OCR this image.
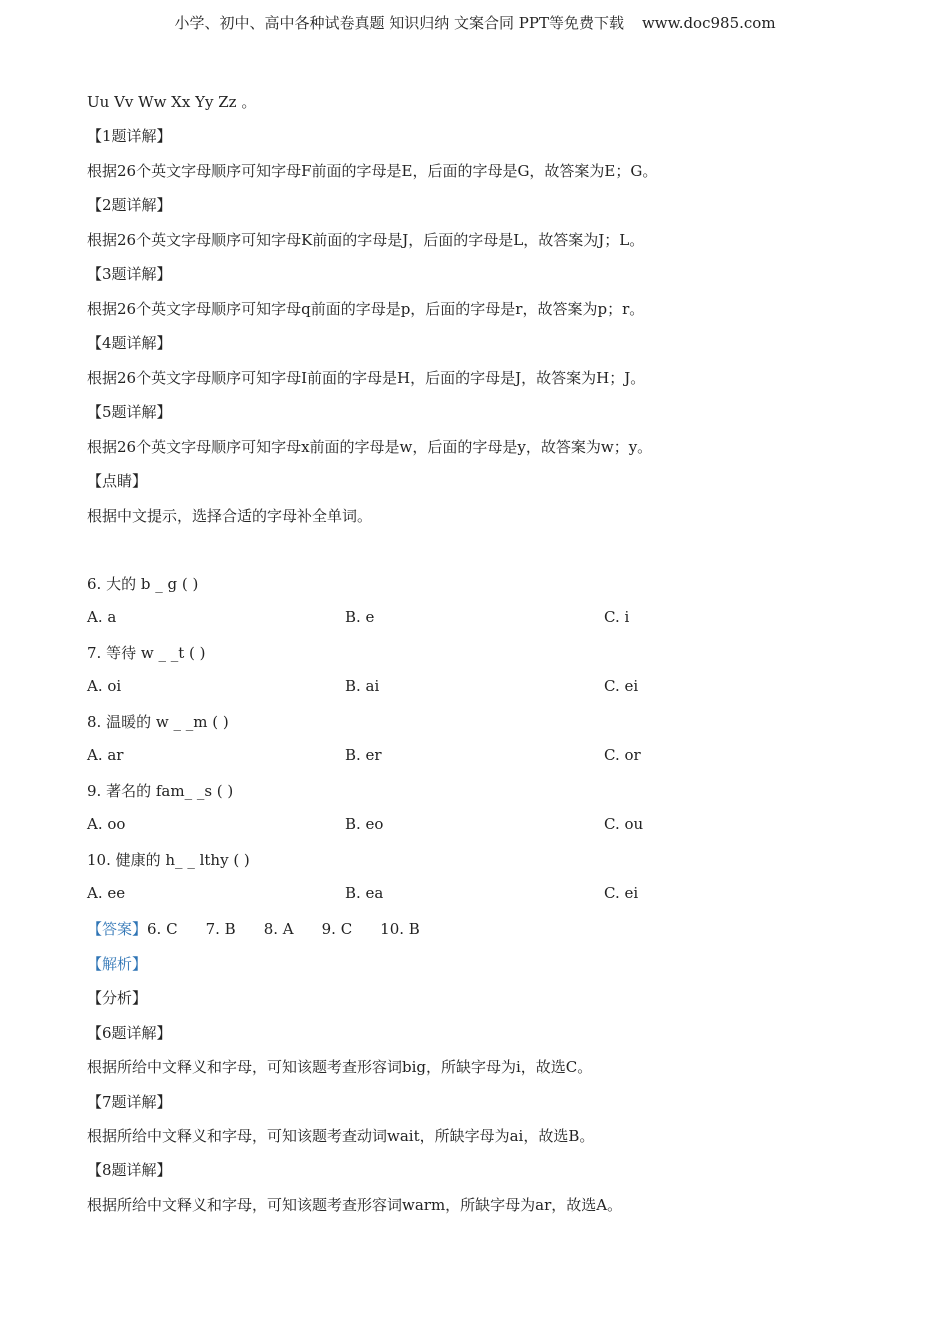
小学、初中、高中各种试卷真题 知识归纳 文案合同 PPT等免费下载 www.doc985.com
Uu Vv Ww Xx Yy Zz 。
【1题详解】
根据26个英文字母顺序可知字母F前面的字母是E，后面的字母是G，故答案为E；G。
【2题详解】
根据26个英文字母顺序可知字母K前面的字母是J，后面的字母是L，故答案为J；L。
【3题详解】
根据26个英文字母顺序可知字母q前面的字母是p，后面的字母是r，故答案为p；r。
【4题详解】
根据26个英文字母顺序可知字母I前面的字母是H，后面的字母是J，故答案为H；J。
【5题详解】
根据26个英文字母顺序可知字母x前面的字母是w，后面的字母是y，故答案为w；y。
【点睛】
根据中文提示，选择合适的字母补全单词。
6. 大的 b _ g ( )
A. a	B. e	C. i
7. 等待 w _ _t ( )
A. oi	B. ai	C. ei
8. 温暖的 w _ _m ( )
A. ar	B. er	C. or
9. 著名的 fam_ _s ( )
A. oo	B. eo	C. ou
10. 健康的 h_ _ lthy ( )
A. ee	B. ea	C. ei
【答案】6. C 7. B 8. A 9. C 10. B
【解析】
【分析】
【6题详解】
根据所给中文释义和字母，可知该题考查形容词big，所缺字母为i，故选C。
【7题详解】
根据所给中文释义和字母，可知该题考查动词wait，所缺字母为ai，故选B。
【8题详解】
根据所给中文释义和字母，可知该题考查形容词warm，所缺字母为ar，故选A。
